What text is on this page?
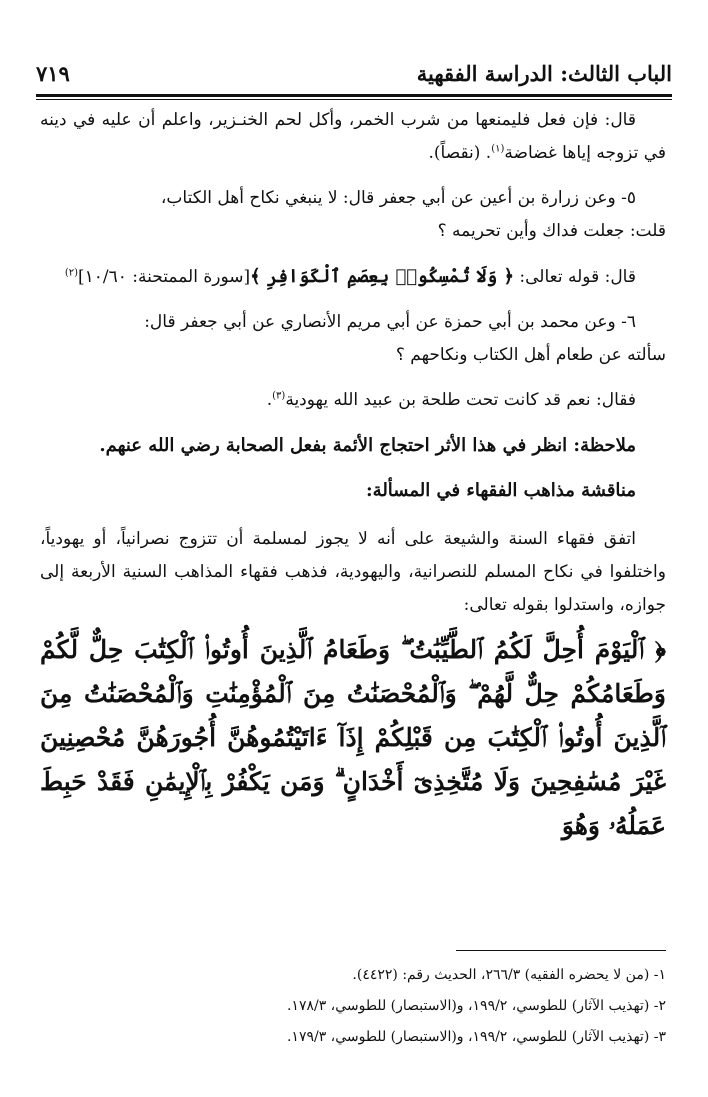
الباب الثالث: الدراسة الفقهية
٧١٩

قال: فإن فعل فليمنعها من شرب الخمر، وأكل لحم الخنـزير، واعلم أن عليه في دينه في تزوجه إياها غضاضة$^{(١)}$. (نقصاً).

٥- وعن زرارة بن أعين عن أبي جعفر قال: لا ينبغي نكاح أهل الكتاب،

قلت: جعلت فداك وأين تحريمه ؟

قال: قوله تعالى: ﴿ وَلَا تُمْسِكُوا۟ بِعِصَمِ ٱلْكَوَافِرِ ﴾[سورة الممتحنة: ١٠/٦٠]$^{(٢)}$

٦- وعن محمد بن أبي حمزة عن أبي مريم الأنصاري عن أبي جعفر قال:

سألته عن طعام أهل الكتاب ونكاحهم ؟

فقال: نعم قد كانت تحت طلحة بن عبيد الله يهودية$^{(٣)}$.

ملاحظة: انظر في هذا الأثر احتجاج الأئمة بفعل الصحابة رضي الله عنهم.

مناقشة مذاهب الفقهاء في المسألة:

اتفق فقهاء السنة والشيعة على أنه لا يجوز لمسلمة أن تتزوج نصرانياً، أو يهودياً، واختلفوا في نكاح المسلم للنصرانية، واليهودية، فذهب فقهاء المذاهب السنية الأربعة إلى جوازه، واستدلوا بقوله تعالى:

﴿ ٱلْيَوْمَ أُحِلَّ لَكُمُ ٱلطَّيِّبَٰتُ ۖ وَطَعَامُ ٱلَّذِينَ أُوتُوا۟ ٱلْكِتَٰبَ حِلٌّ لَّكُمْ وَطَعَامُكُمْ حِلٌّ لَّهُمْ ۖ وَٱلْمُحْصَنَٰتُ مِنَ ٱلْمُؤْمِنَٰتِ وَٱلْمُحْصَنَٰتُ مِنَ ٱلَّذِينَ أُوتُوا۟ ٱلْكِتَٰبَ مِن قَبْلِكُمْ إِذَآ ءَاتَيْتُمُوهُنَّ أُجُورَهُنَّ مُحْصِنِينَ غَيْرَ مُسَٰفِحِينَ وَلَا مُتَّخِذِىٓ أَخْدَانٍ ۗ وَمَن يَكْفُرْ بِٱلْإِيمَٰنِ فَقَدْ حَبِطَ عَمَلُهُۥ وَهُوَ

١- (من لا يحضره الفقيه) ٢٦٦/٣، الحديث رقم: (٤٤٢٢).

٢- (تهذيب الآثار) للطوسي، ١٩٩/٢، و(الاستبصار) للطوسي، ١٧٨/٣.

٣- (تهذيب الآثار) للطوسي، ١٩٩/٢، و(الاستبصار) للطوسي، ١٧٩/٣.
